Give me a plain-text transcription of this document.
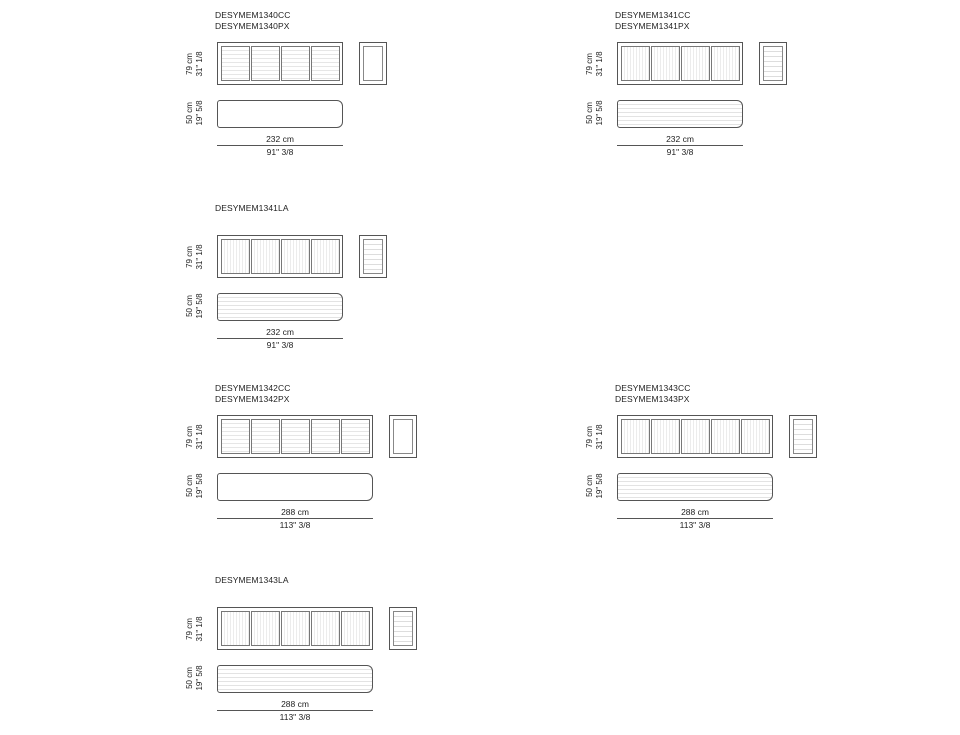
DESYMEM1340CC
DESYMEM1340PX
79 cm 31" 1/8
50 cm 19" 5/8
232 cm
91" 3/8
DESYMEM1341CC
DESYMEM1341PX
79 cm 31" 1/8
50 cm 19" 5/8
232 cm
91" 3/8
DESYMEM1341LA
79 cm 31" 1/8
50 cm 19" 5/8
232 cm
91" 3/8
DESYMEM1342CC
DESYMEM1342PX
79 cm 31" 1/8
50 cm 19" 5/8
288 cm
113" 3/8
DESYMEM1343CC
DESYMEM1343PX
79 cm 31" 1/8
50 cm 19" 5/8
288 cm
113" 3/8
DESYMEM1343LA
79 cm 31" 1/8
50 cm 19" 5/8
288 cm
113" 3/8
